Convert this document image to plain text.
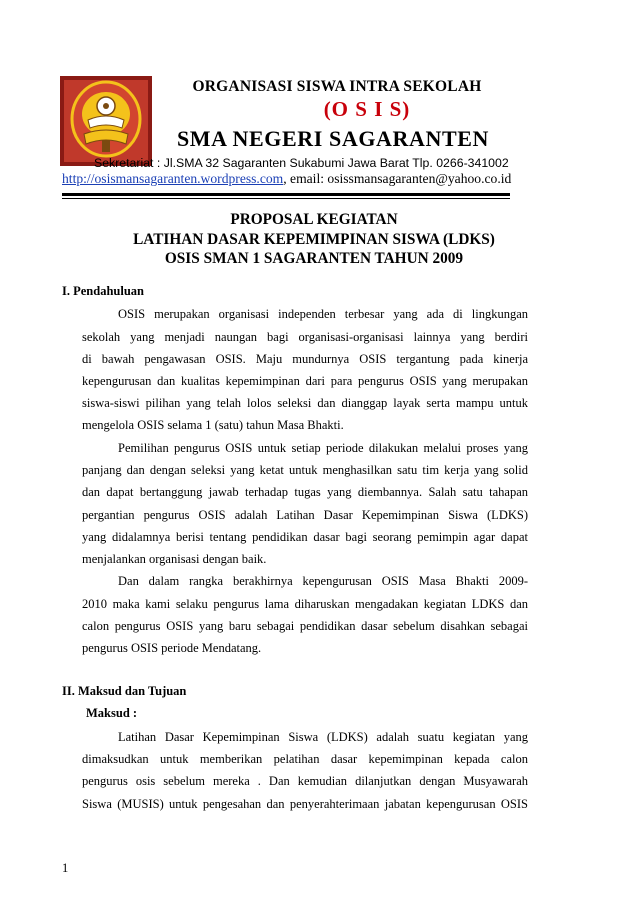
ORGANISASI SISWA INTRA SEKOLAH
(O S I S)
SMA NEGERI SAGARANTEN
Sekretariat : Jl.SMA 32 Sagaranten Sukabumi Jawa Barat Tlp. 0266-341002
http://osismansagaranten.wordpress.com, email: osissmansagaranten@yahoo.co.id
PROPOSAL KEGIATAN
LATIHAN DASAR KEPEMIMPINAN SISWA (LDKS)
OSIS SMAN 1 SAGARANTEN TAHUN 2009
I. Pendahuluan
OSIS merupakan organisasi independen terbesar yang ada di lingkungan
sekolah yang menjadi naungan bagi organisasi-organisasi lainnya yang berdiri
di bawah pengawasan OSIS. Maju mundurnya OSIS tergantung pada kinerja
kepengurusan dan kualitas kepemimpinan dari para pengurus OSIS yang merupakan
siswa-siswi pilihan yang telah lolos seleksi dan dianggap layak serta mampu untuk
mengelola OSIS selama 1 (satu) tahun Masa Bhakti.
Pemilihan pengurus OSIS untuk setiap periode dilakukan melalui proses yang
panjang dan dengan seleksi yang ketat untuk menghasilkan satu tim kerja yang solid
dan dapat bertanggung jawab terhadap tugas yang diembannya. Salah satu tahapan
pergantian pengurus OSIS adalah Latihan Dasar Kepemimpinan Siswa (LDKS)
yang didalamnya berisi tentang pendidikan dasar bagi seorang pemimpin agar dapat
menjalankan organisasi dengan baik.
Dan dalam rangka berakhirnya kepengurusan OSIS Masa Bhakti 2009-
2010 maka kami selaku pengurus lama diharuskan mengadakan kegiatan LDKS dan
calon pengurus OSIS yang baru sebagai pendidikan dasar sebelum disahkan sebagai
pengurus OSIS periode Mendatang.
II. Maksud dan Tujuan
Maksud :
Latihan Dasar Kepemimpinan Siswa (LDKS) adalah suatu kegiatan yang
dimaksudkan untuk memberikan pelatihan dasar kepemimpinan kepada calon
pengurus osis sebelum mereka . Dan kemudian dilanjutkan dengan Musyawarah
Siswa (MUSIS) untuk pengesahan dan penyerahterimaan jabatan kepengurusan OSIS
1
